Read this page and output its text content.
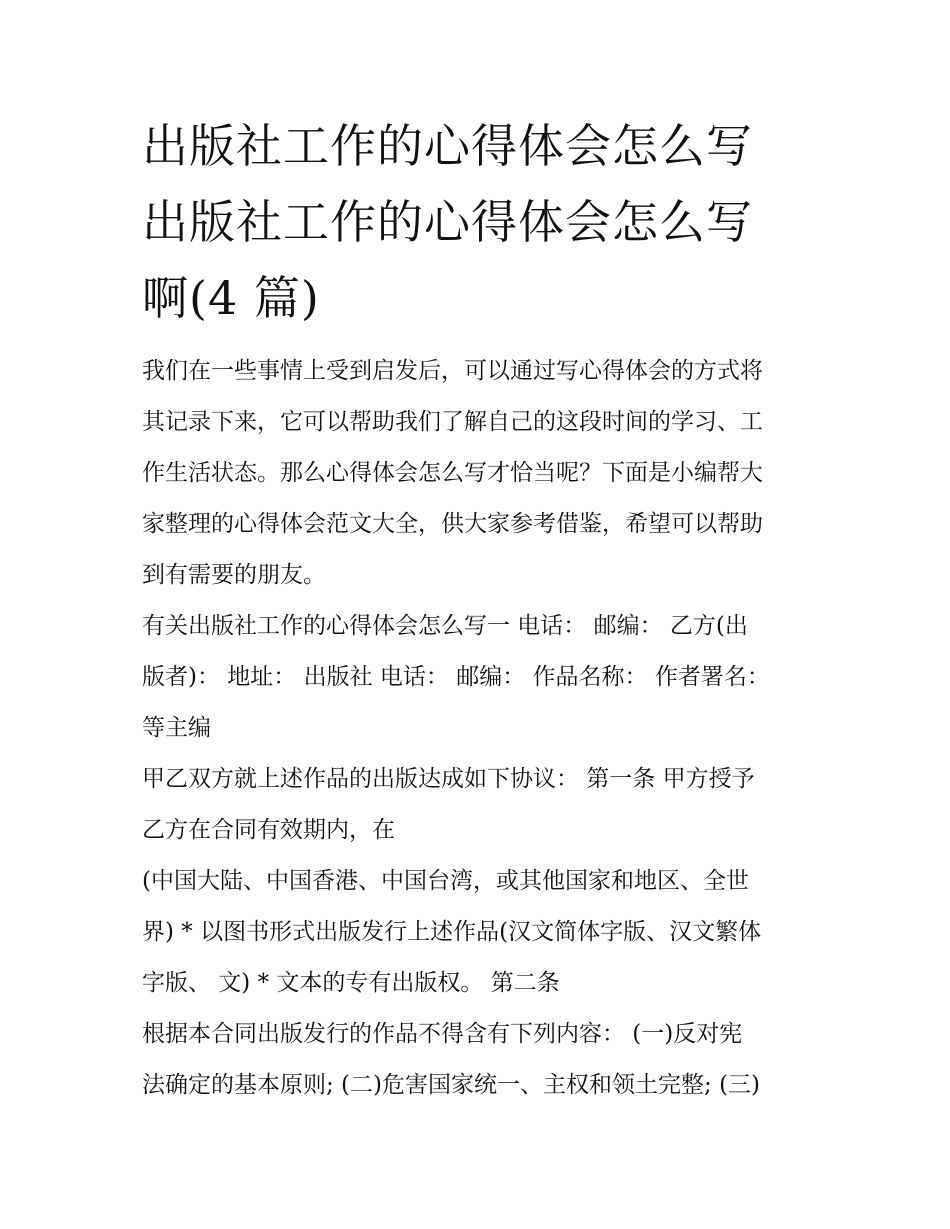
出版社工作的心得体会怎么写
出版社工作的心得体会怎么写
啊(4 篇)

我们在一些事情上受到启发后，可以通过写心得体会的方式将
其记录下来，它可以帮助我们了解自己的这段时间的学习、工
作生活状态。那么心得体会怎么写才恰当呢？下面是小编帮大
家整理的心得体会范文大全，供大家参考借鉴，希望可以帮助
到有需要的朋友。

有关出版社工作的心得体会怎么写一 电话： 邮编： 乙方(出
版者)： 地址： 出版社 电话： 邮编： 作品名称： 作者署名：
等主编

甲乙双方就上述作品的出版达成如下协议： 第一条 甲方授予
乙方在合同有效期内，在

(中国大陆、中国香港、中国台湾，或其他国家和地区、全世
界) * 以图书形式出版发行上述作品(汉文简体字版、汉文繁体
字版、 文) * 文本的专有出版权。 第二条

根据本合同出版发行的作品不得含有下列内容： (一)反对宪
法确定的基本原则; (二)危害国家统一、主权和领土完整; (三)
